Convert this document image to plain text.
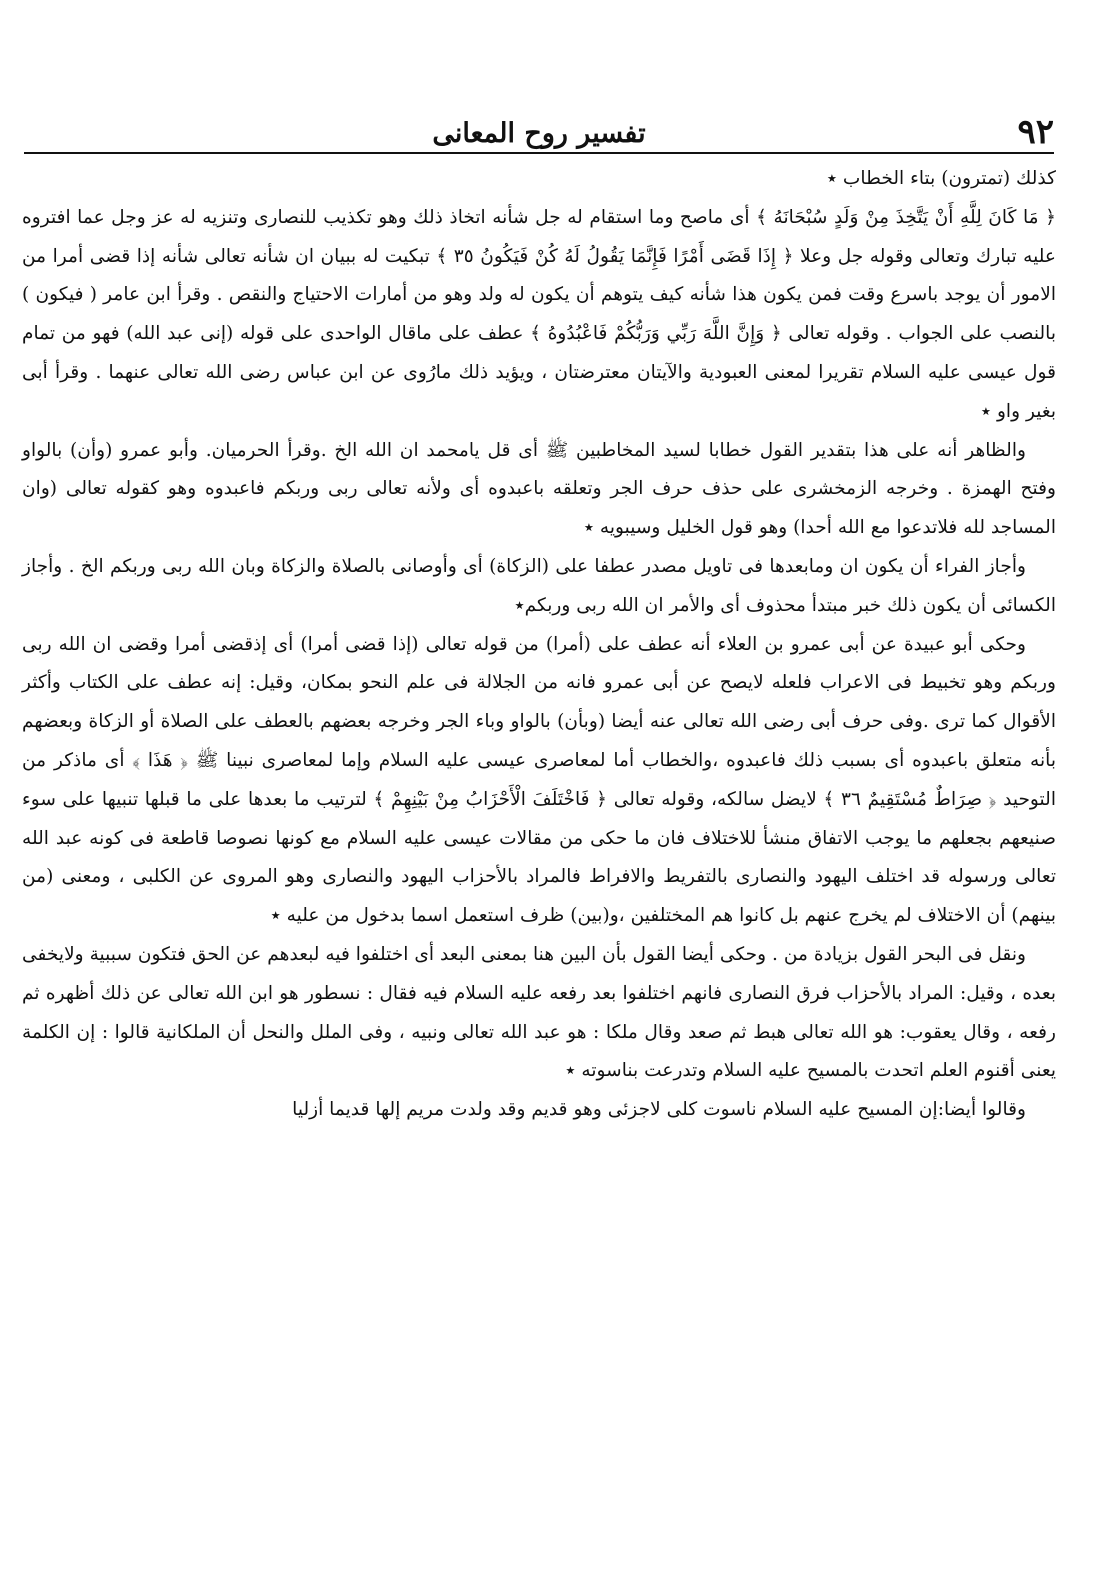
٩٢
تفسير روح المعانى

كذلك (تمترون) بتاء الخطاب ٭

﴿ مَا كَانَ لِلَّهِ أَنْ يَتَّخِذَ مِنْ وَلَدٍ سُبْحَانَهُ ﴾ أى ماصح وما استقام له جل شأنه اتخاذ ذلك وهو تكذيب للنصارى وتنزيه له عز وجل عما افتروه عليه تبارك وتعالى وقوله جل وعلا ﴿ إِذَا قَضَى أَمْرًا فَإِنَّمَا يَقُولُ لَهُ كُنْ فَيَكُونُ ٣٥ ﴾ تبكيت له ببيان ان شأنه تعالى شأنه إذا قضى أمرا من الامور أن يوجد باسرع وقت فمن يكون هذا شأنه كيف يتوهم أن يكون له ولد وهو من أمارات الاحتياج والنقص . وقرأ ابن عامر ( فيكون ) بالنصب على الجواب . وقوله تعالى ﴿ وَإِنَّ اللَّهَ رَبِّي وَرَبُّكُمْ فَاعْبُدُوهُ ﴾ عطف على ماقال الواحدى على قوله (إنى عبد الله) فهو من تمام قول عيسى عليه السلام تقريرا لمعنى العبودية والآيتان معترضتان ، ويؤيد ذلك مارُوى عن ابن عباس رضى الله تعالى عنهما . وقرأ أبى بغير واو ٭

والظاهر أنه على هذا بتقدير القول خطابا لسيد المخاطبين ﷺ أى قل يامحمد ان الله الخ .وقرأ الحرميان. وأبو عمرو (وأن) بالواو وفتح الهمزة . وخرجه الزمخشرى على حذف حرف الجر وتعلقه باعبدوه أى ولأنه تعالى ربى وربكم فاعبدوه وهو كقوله تعالى (وان المساجد لله فلاتدعوا مع الله أحدا) وهو قول الخليل وسيبويه ٭

وأجاز الفراء أن يكون ان ومابعدها فى تاويل مصدر عطفا على (الزكاة) أى وأوصانى بالصلاة والزكاة وبان الله ربى وربكم الخ . وأجاز الكسائى أن يكون ذلك خبر مبتدأ محذوف أى والأمر ان الله ربى وربكم٭

وحكى أبو عبيدة عن أبى عمرو بن العلاء أنه عطف على (أمرا) من قوله تعالى (إذا قضى أمرا) أى إذقضى أمرا وقضى ان الله ربى وربكم وهو تخبيط فى الاعراب فلعله لايصح عن أبى عمرو فانه من الجلالة فى علم النحو بمكان، وقيل: إنه عطف على الكتاب وأكثر الأقوال كما ترى .وفى حرف أبى رضى الله تعالى عنه أيضا (وبأن) بالواو وباء الجر وخرجه بعضهم بالعطف على الصلاة أو الزكاة وبعضهم بأنه متعلق باعبدوه أى بسبب ذلك فاعبدوه ،والخطاب أما لمعاصرى عيسى عليه السلام وإما لمعاصرى نبينا ﷺ ﴿ هَذَا ﴾ أى ماذكر من التوحيد ﴿ صِرَاطٌ مُسْتَقِيمٌ ٣٦ ﴾ لايضل سالكه، وقوله تعالى ﴿ فَاخْتَلَفَ الْأَحْزَابُ مِنْ بَيْنِهِمْ ﴾ لترتيب ما بعدها على ما قبلها تنبيها على سوء صنيعهم بجعلهم ما يوجب الاتفاق منشأ للاختلاف فان ما حكى من مقالات عيسى عليه السلام مع كونها نصوصا قاطعة فى كونه عبد الله تعالى ورسوله قد اختلف اليهود والنصارى بالتفريط والافراط فالمراد بالأحزاب اليهود والنصارى وهو المروى عن الكلبى ، ومعنى (من بينهم) أن الاختلاف لم يخرج عنهم بل كانوا هم المختلفين ،و(بين) ظرف استعمل اسما بدخول من عليه ٭

ونقل فى البحر القول بزيادة من . وحكى أيضا القول بأن البين هنا بمعنى البعد أى اختلفوا فيه لبعدهم عن الحق فتكون سببية ولايخفى بعده ، وقيل: المراد بالأحزاب فرق النصارى فانهم اختلفوا بعد رفعه عليه السلام فيه فقال : نسطور هو ابن الله تعالى عن ذلك أظهره ثم رفعه ، وقال يعقوب: هو الله تعالى هبط ثم صعد وقال ملكا : هو عبد الله تعالى ونبيه ، وفى الملل والنحل أن الملكانية قالوا : إن الكلمة يعنى أقنوم العلم اتحدت بالمسيح عليه السلام وتدرعت بناسوته ٭

وقالوا أيضا:إن المسيح عليه السلام ناسوت كلى لاجزئى وهو قديم وقد ولدت مريم إلها قديما أزليا
